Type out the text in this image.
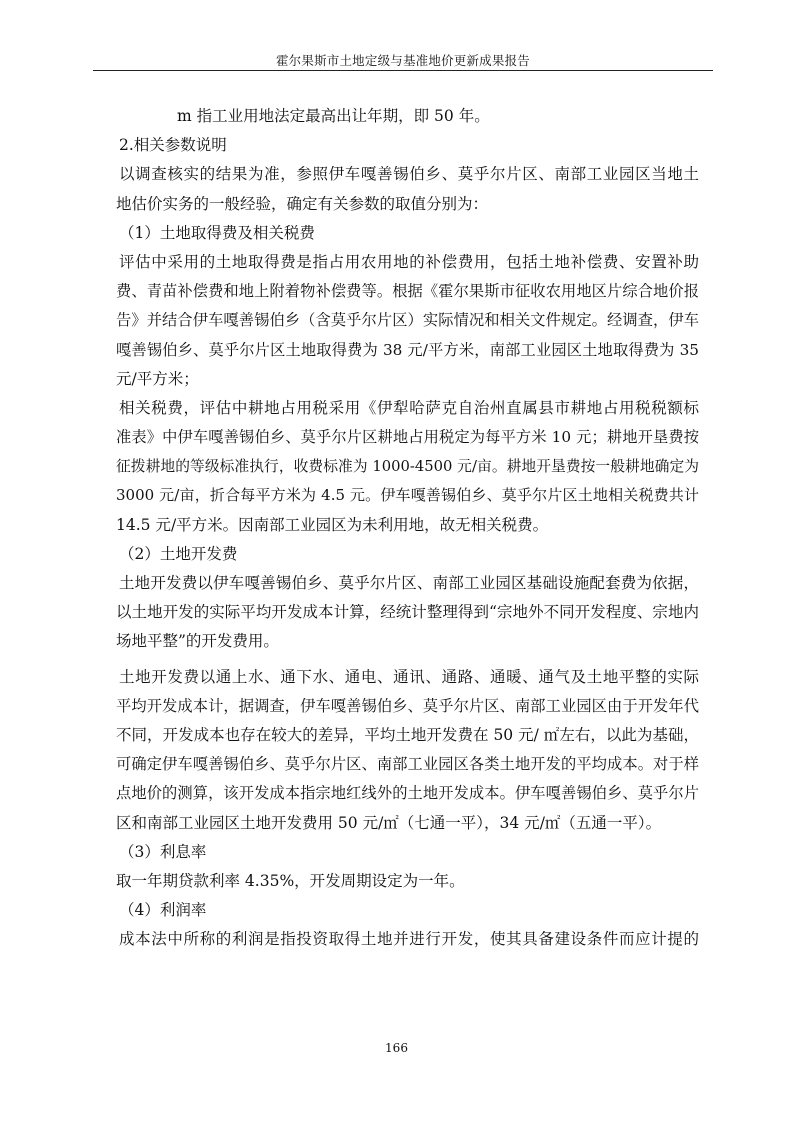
霍尔果斯市土地定级与基准地价更新成果报告
m 指工业用地法定最高出让年期，即 50 年。
2.相关参数说明
以调查核实的结果为准，参照伊车嘎善锡伯乡、莫乎尔片区、南部工业园区当地土
地估价实务的一般经验，确定有关参数的取值分别为：
（1）土地取得费及相关税费
评估中采用的土地取得费是指占用农用地的补偿费用，包括土地补偿费、安置补助
费、青苗补偿费和地上附着物补偿费等。根据《霍尔果斯市征收农用地区片综合地价报
告》并结合伊车嘎善锡伯乡（含莫乎尔片区）实际情况和相关文件规定。经调查，伊车
嘎善锡伯乡、莫乎尔片区土地取得费为 38 元/平方米，南部工业园区土地取得费为 35
元/平方米；
相关税费，评估中耕地占用税采用《伊犁哈萨克自治州直属县市耕地占用税税额标
准表》中伊车嘎善锡伯乡、莫乎尔片区耕地占用税定为每平方米 10 元；耕地开垦费按
征拨耕地的等级标准执行，收费标准为 1000-4500 元/亩。耕地开垦费按一般耕地确定为
3000 元/亩，折合每平方米为 4.5 元。伊车嘎善锡伯乡、莫乎尔片区土地相关税费共计
14.5 元/平方米。因南部工业园区为未利用地，故无相关税费。
（2）土地开发费
土地开发费以伊车嘎善锡伯乡、莫乎尔片区、南部工业园区基础设施配套费为依据，
以土地开发的实际平均开发成本计算，经统计整理得到“宗地外不同开发程度、宗地内
场地平整”的开发费用。
土地开发费以通上水、通下水、通电、通讯、通路、通暖、通气及土地平整的实际
平均开发成本计，据调查，伊车嘎善锡伯乡、莫乎尔片区、南部工业园区由于开发年代
不同，开发成本也存在较大的差异，平均土地开发费在 50 元/ ㎡左右，以此为基础，
可确定伊车嘎善锡伯乡、莫乎尔片区、南部工业园区各类土地开发的平均成本。对于样
点地价的测算，该开发成本指宗地红线外的土地开发成本。伊车嘎善锡伯乡、莫乎尔片
区和南部工业园区土地开发费用 50 元/㎡（七通一平），34 元/㎡（五通一平）。
（3）利息率
取一年期贷款利率 4.35%，开发周期设定为一年。
（4）利润率
成本法中所称的利润是指投资取得土地并进行开发，使其具备建设条件而应计提的
166
